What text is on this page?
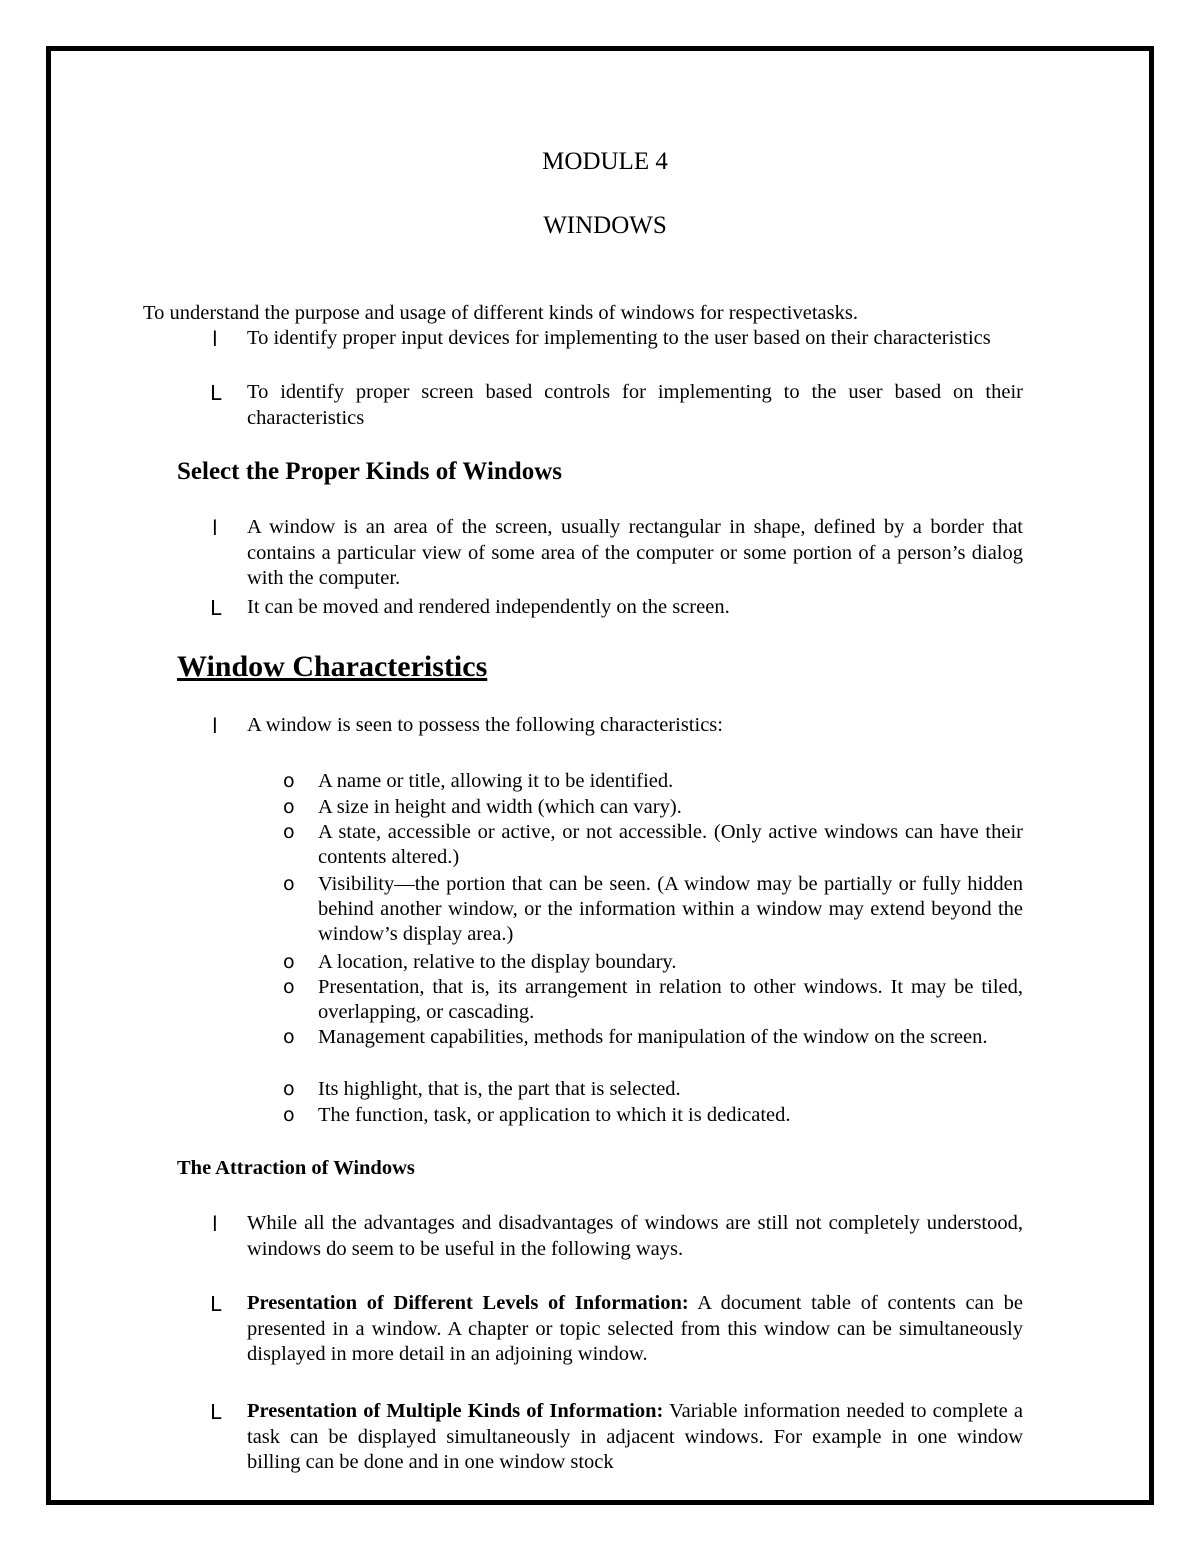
MODULE 4
WINDOWS
To understand the purpose and usage of different kinds of windows for respectivetasks.
l To identify proper input devices for implementing to the user based on their characteristics
L To identify proper screen based controls for implementing to the user based on their characteristics
Select the Proper Kinds of Windows
l A window is an area of the screen, usually rectangular in shape, defined by a border that contains a particular view of some area of the computer or some portion of a person’s dialog with the computer.
L It can be moved and rendered independently on the screen.
Window Characteristics
l A window is seen to possess the following characteristics:
o A name or title, allowing it to be identified.
o A size in height and width (which can vary).
o A state, accessible or active, or not accessible. (Only active windows can have their contents altered.)
o Visibility—the portion that can be seen. (A window may be partially or fully hidden behind another window, or the information within a window may extend beyond the window’s display area.)
o A location, relative to the display boundary.
o Presentation, that is, its arrangement in relation to other windows. It may be tiled, overlapping, or cascading.
o Management capabilities, methods for manipulation of the window on the screen.
o Its highlight, that is, the part that is selected.
o The function, task, or application to which it is dedicated.
The Attraction of Windows
l While all the advantages and disadvantages of windows are still not completely understood, windows do seem to be useful in the following ways.
L Presentation of Different Levels of Information: A document table of contents can be presented in a window. A chapter or topic selected from this window can be simultaneously displayed in more detail in an adjoining window.
L Presentation of Multiple Kinds of Information: Variable information needed to complete a task can be displayed simultaneously in adjacent windows. For example in one window billing can be done and in one window stock
